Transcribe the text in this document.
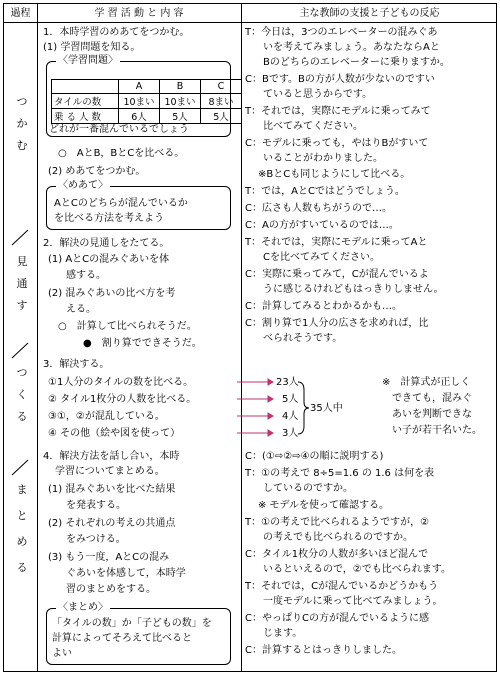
過程	学 習 活 動 と 内 容	主な教師の支援と子どもの反応
つ
か
む
見
通
す
つ
く
る
ま
と
め
る
1．本時学習のめあてをつかむ。
(1) 学習問題を知る。
〈学習問題〉
	A	B	C
タイルの数	10まい	10まい	8まい
乗 る 人 数	6人	5人	5人
どれが一番混んでいるでしょう
○　AとB，BとCを比べる。
(2) めあてをつかむ。
〈めあて〉
AとCのどちらが混んでいるか
を比べる方法を考えよう
2．解決の見通しをたてる。
(1) AとCの混みぐあいを体
感する。
(2) 混みぐあいの比べ方を考
える。
○　計算して比べられそうだ。
●　割り算でできそうだ。
3．解決する。
①1人分のタイルの数を比べる。
② タイル1枚分の人数を比べる。
③①，②が混乱している。
④ その他（絵や図を使って）
4．解決方法を話し合い，本時
学習についてまとめる。
(1) 混みぐあいを比べた結果
を発表する。
(2) それぞれの考えの共通点
をみつける。
(3) もう一度，AとCの混み
ぐあいを体感して，本時学
習のまとめをする。
〈まとめ〉
「タイルの数」か「子どもの数」を
計算によってそろえて比べると
よい
23人
5人
4人
3人
35人中
※　計算式が正しく
できても，混みぐ
あいを判断できな
い子が若干名いた。
T：今日は，3つのエレベーターの混みぐあ
いを考えてみましょう。あなたならAと
Bのどちらのエレベーターに乗りますか。
C：Bです。Bの方が人数が少ないのですい
ていると思うからです。
T：それでは，実際にモデルに乗ってみて
比べてみてください。
C：モデルに乗っても，やはりBがすいて
いることがわかりました。
※BとCも同じようにして比べる。
T：では，AとCではどうでしょう。
C：広さも人数もちがうので…。
C：Aの方がすいているのでは…。
T：それでは，実際にモデルに乗ってAと
Cを比べてみてください。
C：実際に乗ってみて，Cが混んでいるよ
うに感じるけれどもはっきりしません。
C：計算してみるとわかるかも…。
C：割り算で1人分の広さを求めれば，比
べられそうです。
C：(①⇨②⇨④の順に説明する)
T：①の考えで 8÷5=1.6 の 1.6 は何を表
しているのですか。
※ モデルを使って確認する。
T：①の考えで比べられるようですが，②
の考えでも比べられるのですか。
C：タイル1枚分の人数が多いほど混んで
いるといえるので，②でも比べられます。
T：それでは，Cが混んでいるかどうかもう
一度モデルに乗って比べてみましょう。
C：やっぱりCの方が混んでいるように感
じます。
C：計算するとはっきりしました。
